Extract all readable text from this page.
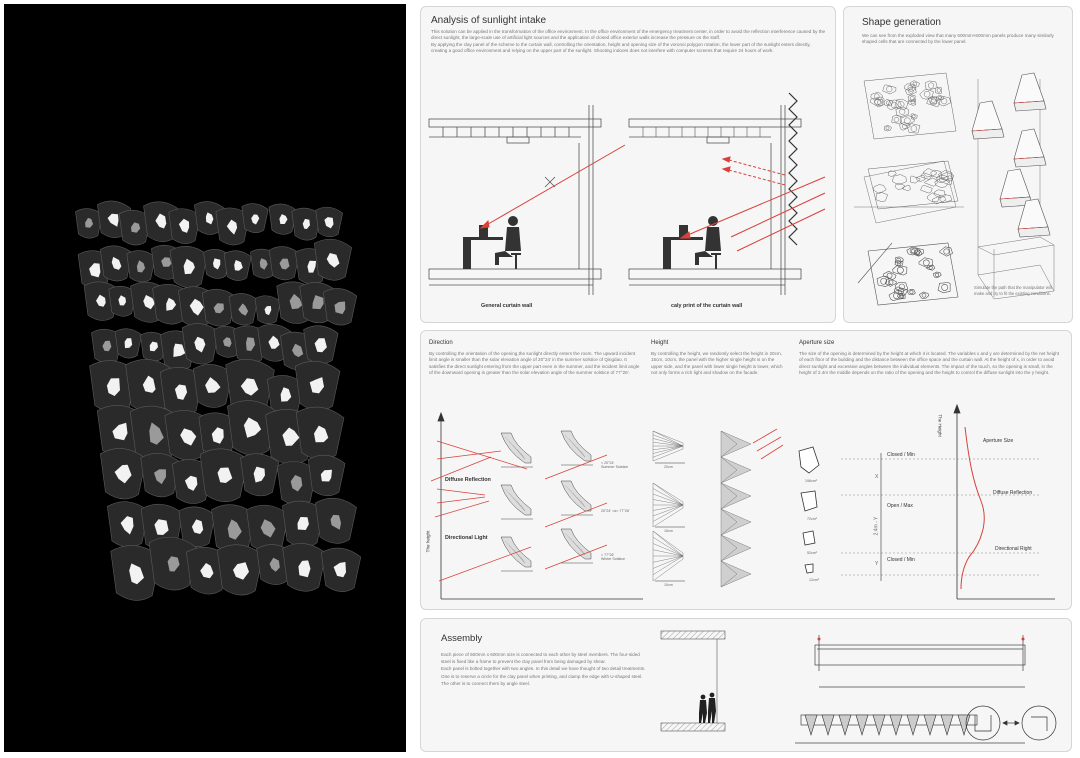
Analysis of sunlight intake

This solution can be applied in the transformation of the office environment. In the office environment of the emergency treatment center, in order to avoid the reflection interference caused by the direct sunlight, the large-scale use of artificial light sources and the application of closed office exterior walls increase the pressure on the staff.
By applying the clay panel of the scheme to the curtain wall, controlling the orientation, height and opening size of the voronoi polygon rotation, the lower part of the sunlight enters directly, creating a good office environment and relying on the upper part of the sunlight. Shooting indoors does not interfere with computer screens that require 24 hours of work.

General curtain wall	caly print of the curtain wall
Shape generation

We can see from the exploded view that many 600mm×600mm panels produce many similarly shaped cells that are connected by the lower panel.

Simulate the path that the manipulator will make and try to fit the existing conditions.

Direction

By controlling the orientation of the opening,the sunlight directly enters the room. The upward incident limit angle is smaller than the solar elevation angle of 20°24' in the summer solstice of Qingdao. It satisfies the direct sunlight entering from the upper part even in the summer, and the incident limit angle of the downward opening is greater than the solar elevation angle of the summer solstice of 77°26'.

Height

By controlling the height, we randomly select the height in 20cm, 15cm, 10cm, the panel with the higher single height is on the upper side, and the panel with lower single height is lower, which not only forms a rich light and shadow on the facade.

Aperture size

The size of the opening is determined by the height at which it is located. The variables x and y are determined by the net height of each floor of the building and the distance between the office space and the curtain wall. At the height of x, in order to avoid direct sunlight and excessive angles between the individual elements. The impact of the touch, so the opening is small, in the height of 2.4m the middle depends on the ratio of the opening and the height to control the diffuse sunlight into the y height.

Diffuse Reflection
Directional Light
The height
< 20°24'
Summer Solstice
20°24' <α< 77°26'
> 77°26'
Winter Solstice
20cm
15cm
10cm
The Height
Aperture Size
Closed / Min
Open / Max
Closed / Min
X
2.4m - Y
Y
Diffuse Reflection
Directional Right
196cm²
72cm²
52cm²
12cm²
Assembly

Each piece of 600mm x 600mm size is connected to each other by steel members. The four-sided steel is fixed like a frame to prevent the clay panel from being damaged by shear.
Each panel is bolted together with two angles. In this detail we have thought of two detail treatments.
One is to reserve a circle for the clay panel when printing, and clamp the edge with U-shaped steel.
The other is to connect them by angle steel.
